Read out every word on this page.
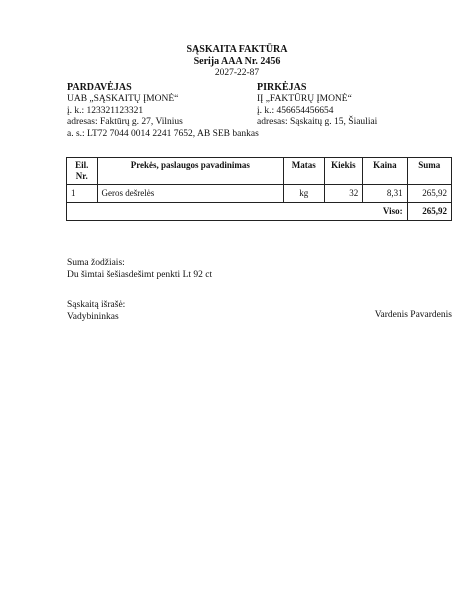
SĄSKAITA FAKTŪRA
Serija AAA Nr. 2456
2027-22-87
PARDAVĖJAS
UAB „SĄSKAITŲ ĮMONĖ“
į. k.: 123321123321
adresas: Faktūrų g. 27, Vilnius
a. s.: LT72 7044 0014 2241 7652, AB SEB bankas
PIRKĖJAS
IĮ „FAKTŪRŲ ĮMONĖ“
į. k.: 456654456654
adresas: Sąskaitų g. 15, Šiauliai
Eil. Nr.	Prekės, paslaugos pavadinimas	Matas	Kiekis	Kaina	Suma
1	Geros dešrelės	kg	32	8,31	265,92
Viso:					265,92
Suma žodžiais:
Du šimtai šešiasdešimt penkti Lt 92 ct
Sąskaitą išrašė:
Vadybininkas	Vardenis Pavardenis
